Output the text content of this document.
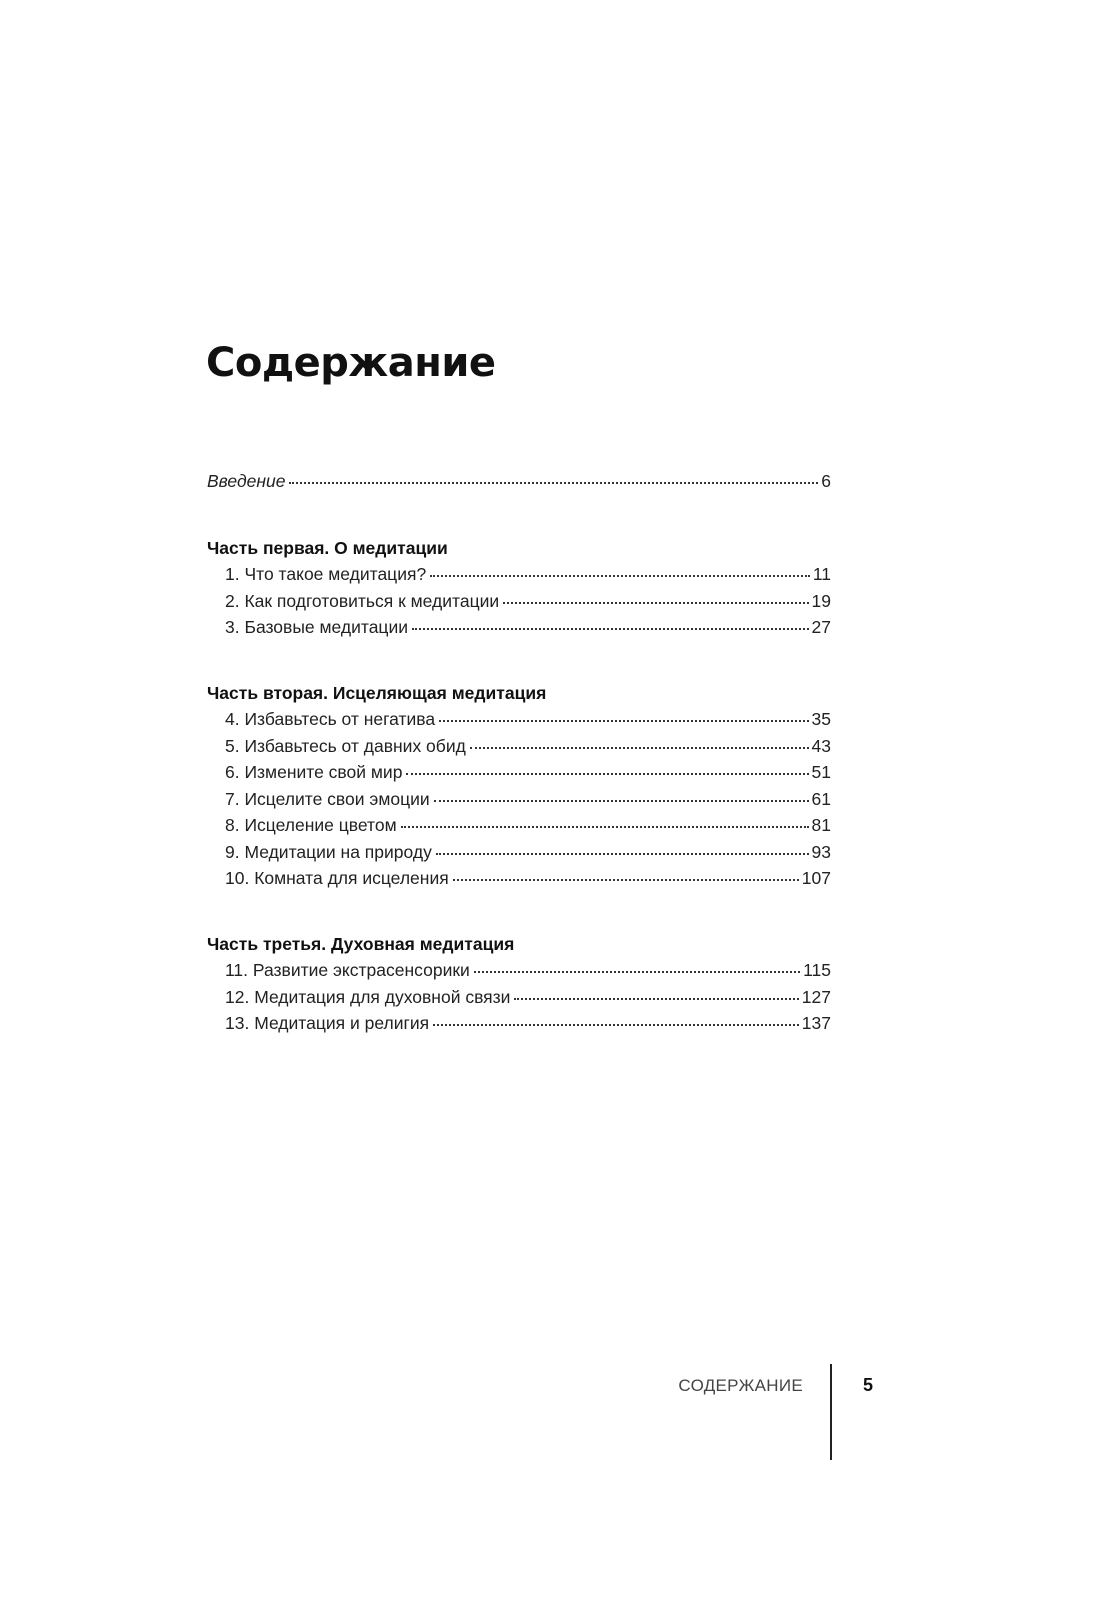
Содержание
Введение	6
Часть первая. О медитации
1. Что такое медитация?	11
2. Как подготовиться к медитации	19
3. Базовые медитации	27
Часть вторая. Исцеляющая медитация
4. Избавьтесь от негатива	35
5. Избавьтесь от давних обид	43
6. Измените свой мир	51
7. Исцелите свои эмоции	61
8. Исцеление цветом	81
9. Медитации на природу	93
10. Комната для исцеления	107
Часть третья. Духовная медитация
11. Развитие экстрасенсорики	115
12. Медитация для духовной связи	127
13. Медитация и религия	137
СОДЕРЖАНИЕ	5
